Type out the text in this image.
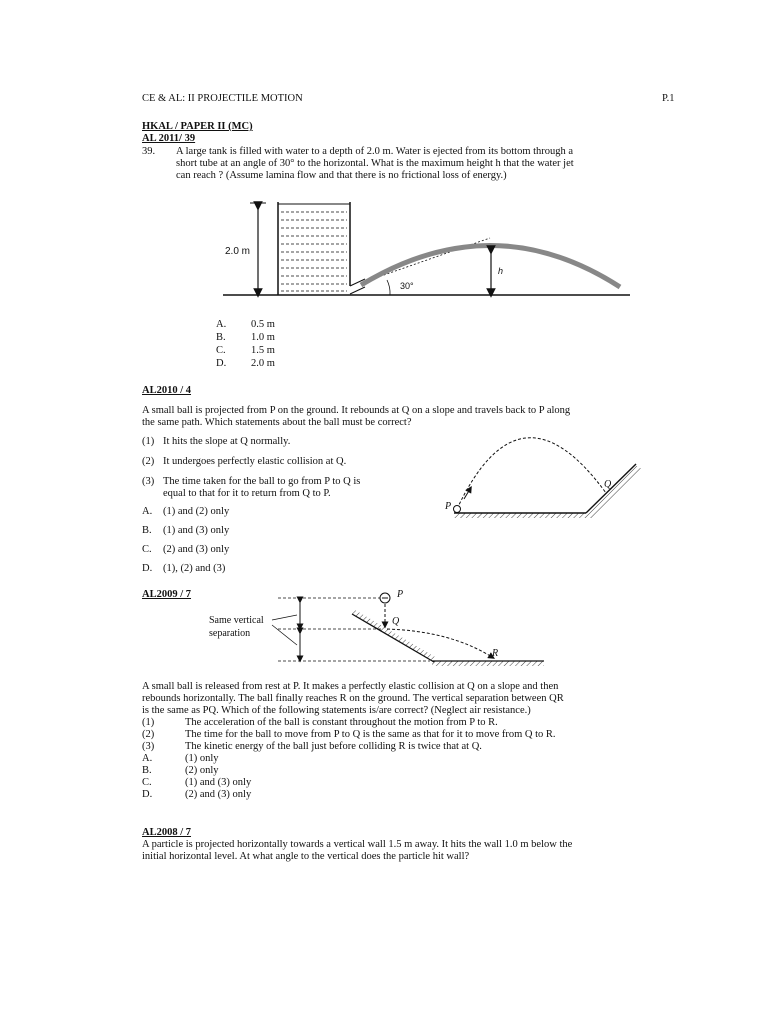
CE & AL: II PROJECTILE MOTION	P.1
HKAL / PAPER II (MC)
AL 2011/ 39
39. A large tank is filled with water to a depth of 2.0 m. Water is ejected from its bottom through a
short tube at an angle of 30° to the horizontal. What is the maximum height h that the water jet
can reach ? (Assume lamina flow and that there is no frictional loss of energy.)
30°
2.0 m
h
A.	0.5 m
B.	1.0 m
C.	1.5 m
D.	2.0 m
AL2010 / 4
A small ball is projected from P on the ground. It rebounds at Q on a slope and travels back to P along
the same path. Which statements about the ball must be correct?
(1) It hits the slope at Q normally.
(2) It undergoes perfectly elastic collision at Q.
(3) The time taken for the ball to go from P to Q is
equal to that for it to return from Q to P.
P
Q
A.	(1) and (2) only
B.	(1) and (3) only
C.	(2) and (3) only
D.	(1), (2) and (3)
AL2009 / 7
Same vertical
separation
P
Q
R
A small ball is released from rest at P. It makes a perfectly elastic collision at Q on a slope and then
rebounds horizontally. The ball finally reaches R on the ground. The vertical separation between QR
is the same as PQ. Which of the following statements is/are correct? (Neglect air resistance.)
(1)	The acceleration of the ball is constant throughout the motion from P to R.
(2)	The time for the ball to move from P to Q is the same as that for it to move from Q to R.
(3)	The kinetic energy of the ball just before colliding R is twice that at Q.
A.	(1) only
B.	(2) only
C.	(1) and (3) only
D.	(2) and (3) only
AL2008 / 7
A particle is projected horizontally towards a vertical wall 1.5 m away. It hits the wall 1.0 m below the
initial horizontal level. At what angle to the vertical does the particle hit wall?
